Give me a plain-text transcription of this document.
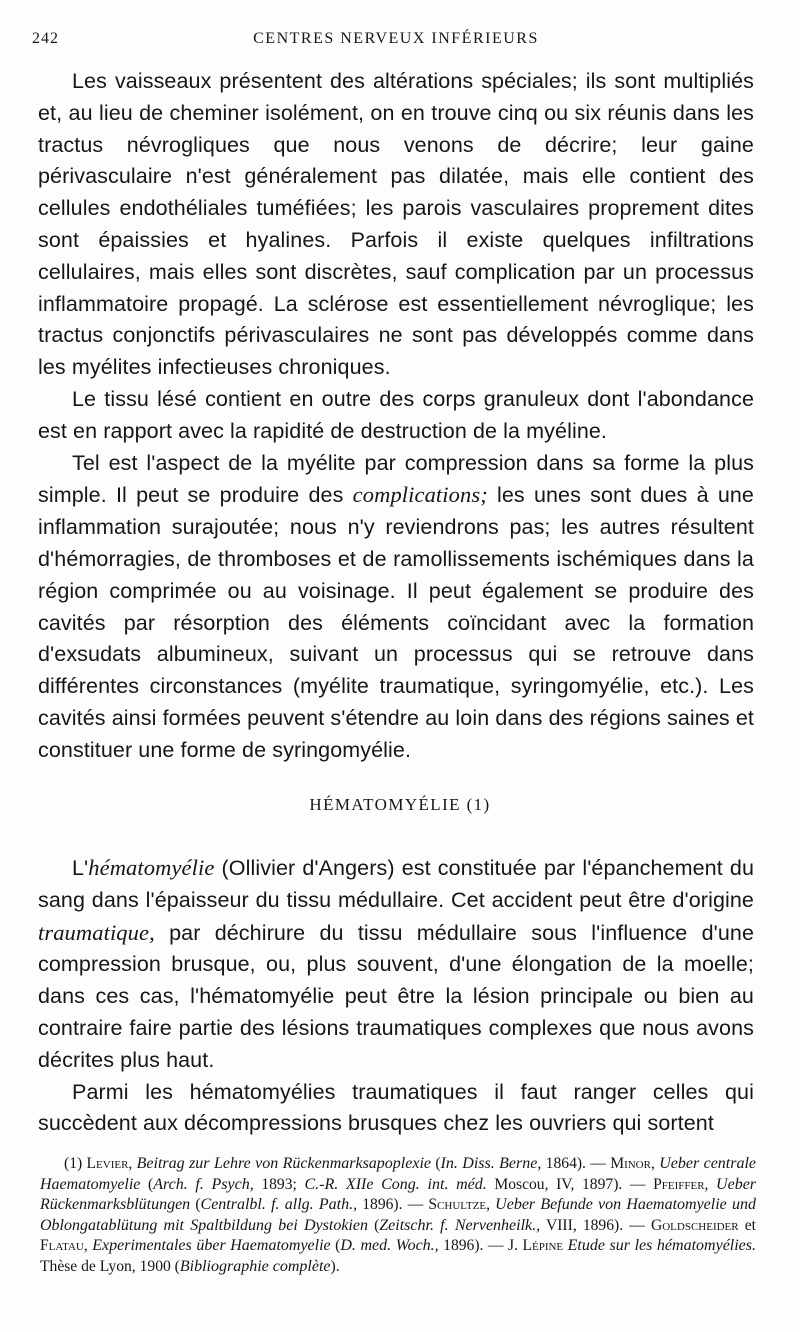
242	CENTRES NERVEUX INFÉRIEURS

Les vaisseaux présentent des altérations spéciales; ils sont multipliés et, au lieu de cheminer isolément, on en trouve cinq ou six réunis dans les tractus névrogliques que nous venons de décrire; leur gaine périvasculaire n'est généralement pas dilatée, mais elle contient des cellules endothéliales tuméfiées; les parois vasculaires proprement dites sont épaissies et hyalines. Parfois il existe quelques infiltrations cellulaires, mais elles sont discrètes, sauf complication par un processus inflammatoire propagé. La sclérose est essentiellement névroglique; les tractus conjonctifs périvasculaires ne sont pas développés comme dans les myélites infectieuses chroniques.

Le tissu lésé contient en outre des corps granuleux dont l'abondance est en rapport avec la rapidité de destruction de la myéline.

Tel est l'aspect de la myélite par compression dans sa forme la plus simple. Il peut se produire des complications; les unes sont dues à une inflammation surajoutée; nous n'y reviendrons pas; les autres résultent d'hémorragies, de thromboses et de ramollissements ischémiques dans la région comprimée ou au voisinage. Il peut également se produire des cavités par résorption des éléments coïncidant avec la formation d'exsudats albumineux, suivant un processus qui se retrouve dans différentes circonstances (myélite traumatique, syringomyélie, etc.). Les cavités ainsi formées peuvent s'étendre au loin dans des régions saines et constituer une forme de syringomyélie.

HÉMATOMYÉLIE (1)

L'hématomyélie (Ollivier d'Angers) est constituée par l'épanchement du sang dans l'épaisseur du tissu médullaire. Cet accident peut être d'origine traumatique, par déchirure du tissu médullaire sous l'influence d'une compression brusque, ou, plus souvent, d'une élongation de la moelle; dans ces cas, l'hématomyélie peut être la lésion principale ou bien au contraire faire partie des lésions traumatiques complexes que nous avons décrites plus haut.

Parmi les hématomyélies traumatiques il faut ranger celles qui succèdent aux décompressions brusques chez les ouvriers qui sortent

(1) Levier, Beitrag zur Lehre von Rückenmarksapoplexie (In. Diss. Berne, 1864). — Minor, Ueber centrale Haematomyelie (Arch. f. Psych, 1893; C.-R. XIIe Cong. int. méd. Moscou, IV, 1897). — Pfeiffer, Ueber Rückenmarksblütungen (Centralbl. f. allg. Path., 1896). — Schultze, Ueber Befunde von Haematomyelie und Oblongatablütung mit Spaltbildung bei Dystokien (Zeitschr. f. Nervenheilk., VIII, 1896). — Goldscheider et Flatau, Experimentales über Haematomyelie (D. med. Woch., 1896). — J. Lépine Etude sur les hématomyélies. Thèse de Lyon, 1900 (Bibliographie complète).
